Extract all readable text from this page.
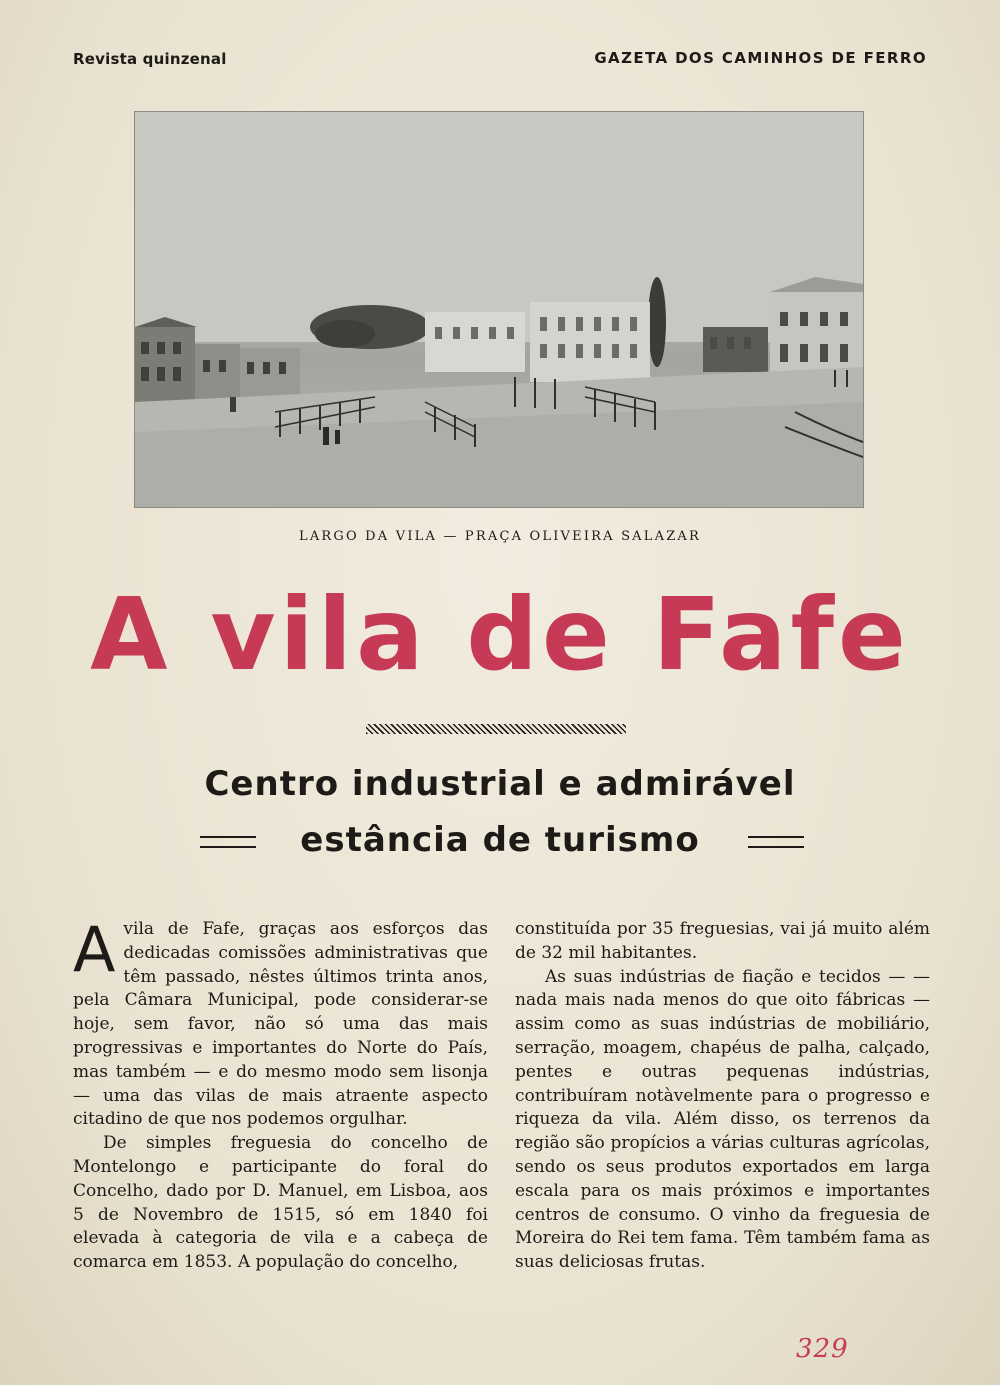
Revista quinzenal	GAZETA DOS CAMINHOS DE FERRO
LARGO DA VILA — PRAÇA OLIVEIRA SALAZAR
A vila de Fafe
Centro industrial e admirável
estância de turismo

Avila de Fafe, graças aos esforços das dedicadas comissões administrativas que têm passado, nêstes últimos trinta anos, pela Câmara Municipal, pode considerar-se hoje, sem favor, não só uma das mais progressivas e importantes do Norte do País, mas também — e do mesmo modo sem lisonja — uma das vilas de mais atraente aspecto citadino de que nos podemos orgulhar.

De simples freguesia do concelho de Montelongo e participante do foral do Concelho, dado por D. Manuel, em Lisboa, aos 5 de Novembro de 1515, só em 1840 foi elevada à categoria de vila e a cabeça de comarca em 1853. A população do concelho,

constituída por 35 freguesias, vai já muito além de 32 mil habitantes.

As suas indústrias de fiação e tecidos — — nada mais nada menos do que oito fábricas — assim como as suas indústrias de mobiliário, serração, moagem, chapéus de palha, calçado, pentes e outras pequenas indústrias, contribuíram notàvelmente para o progresso e riqueza da vila. Além disso, os terrenos da região são propícios a várias culturas agrícolas, sendo os seus produtos exportados em larga escala para os mais próximos e importantes centros de consumo. O vinho da freguesia de Moreira do Rei tem fama. Têm também fama as suas deliciosas frutas.

329
